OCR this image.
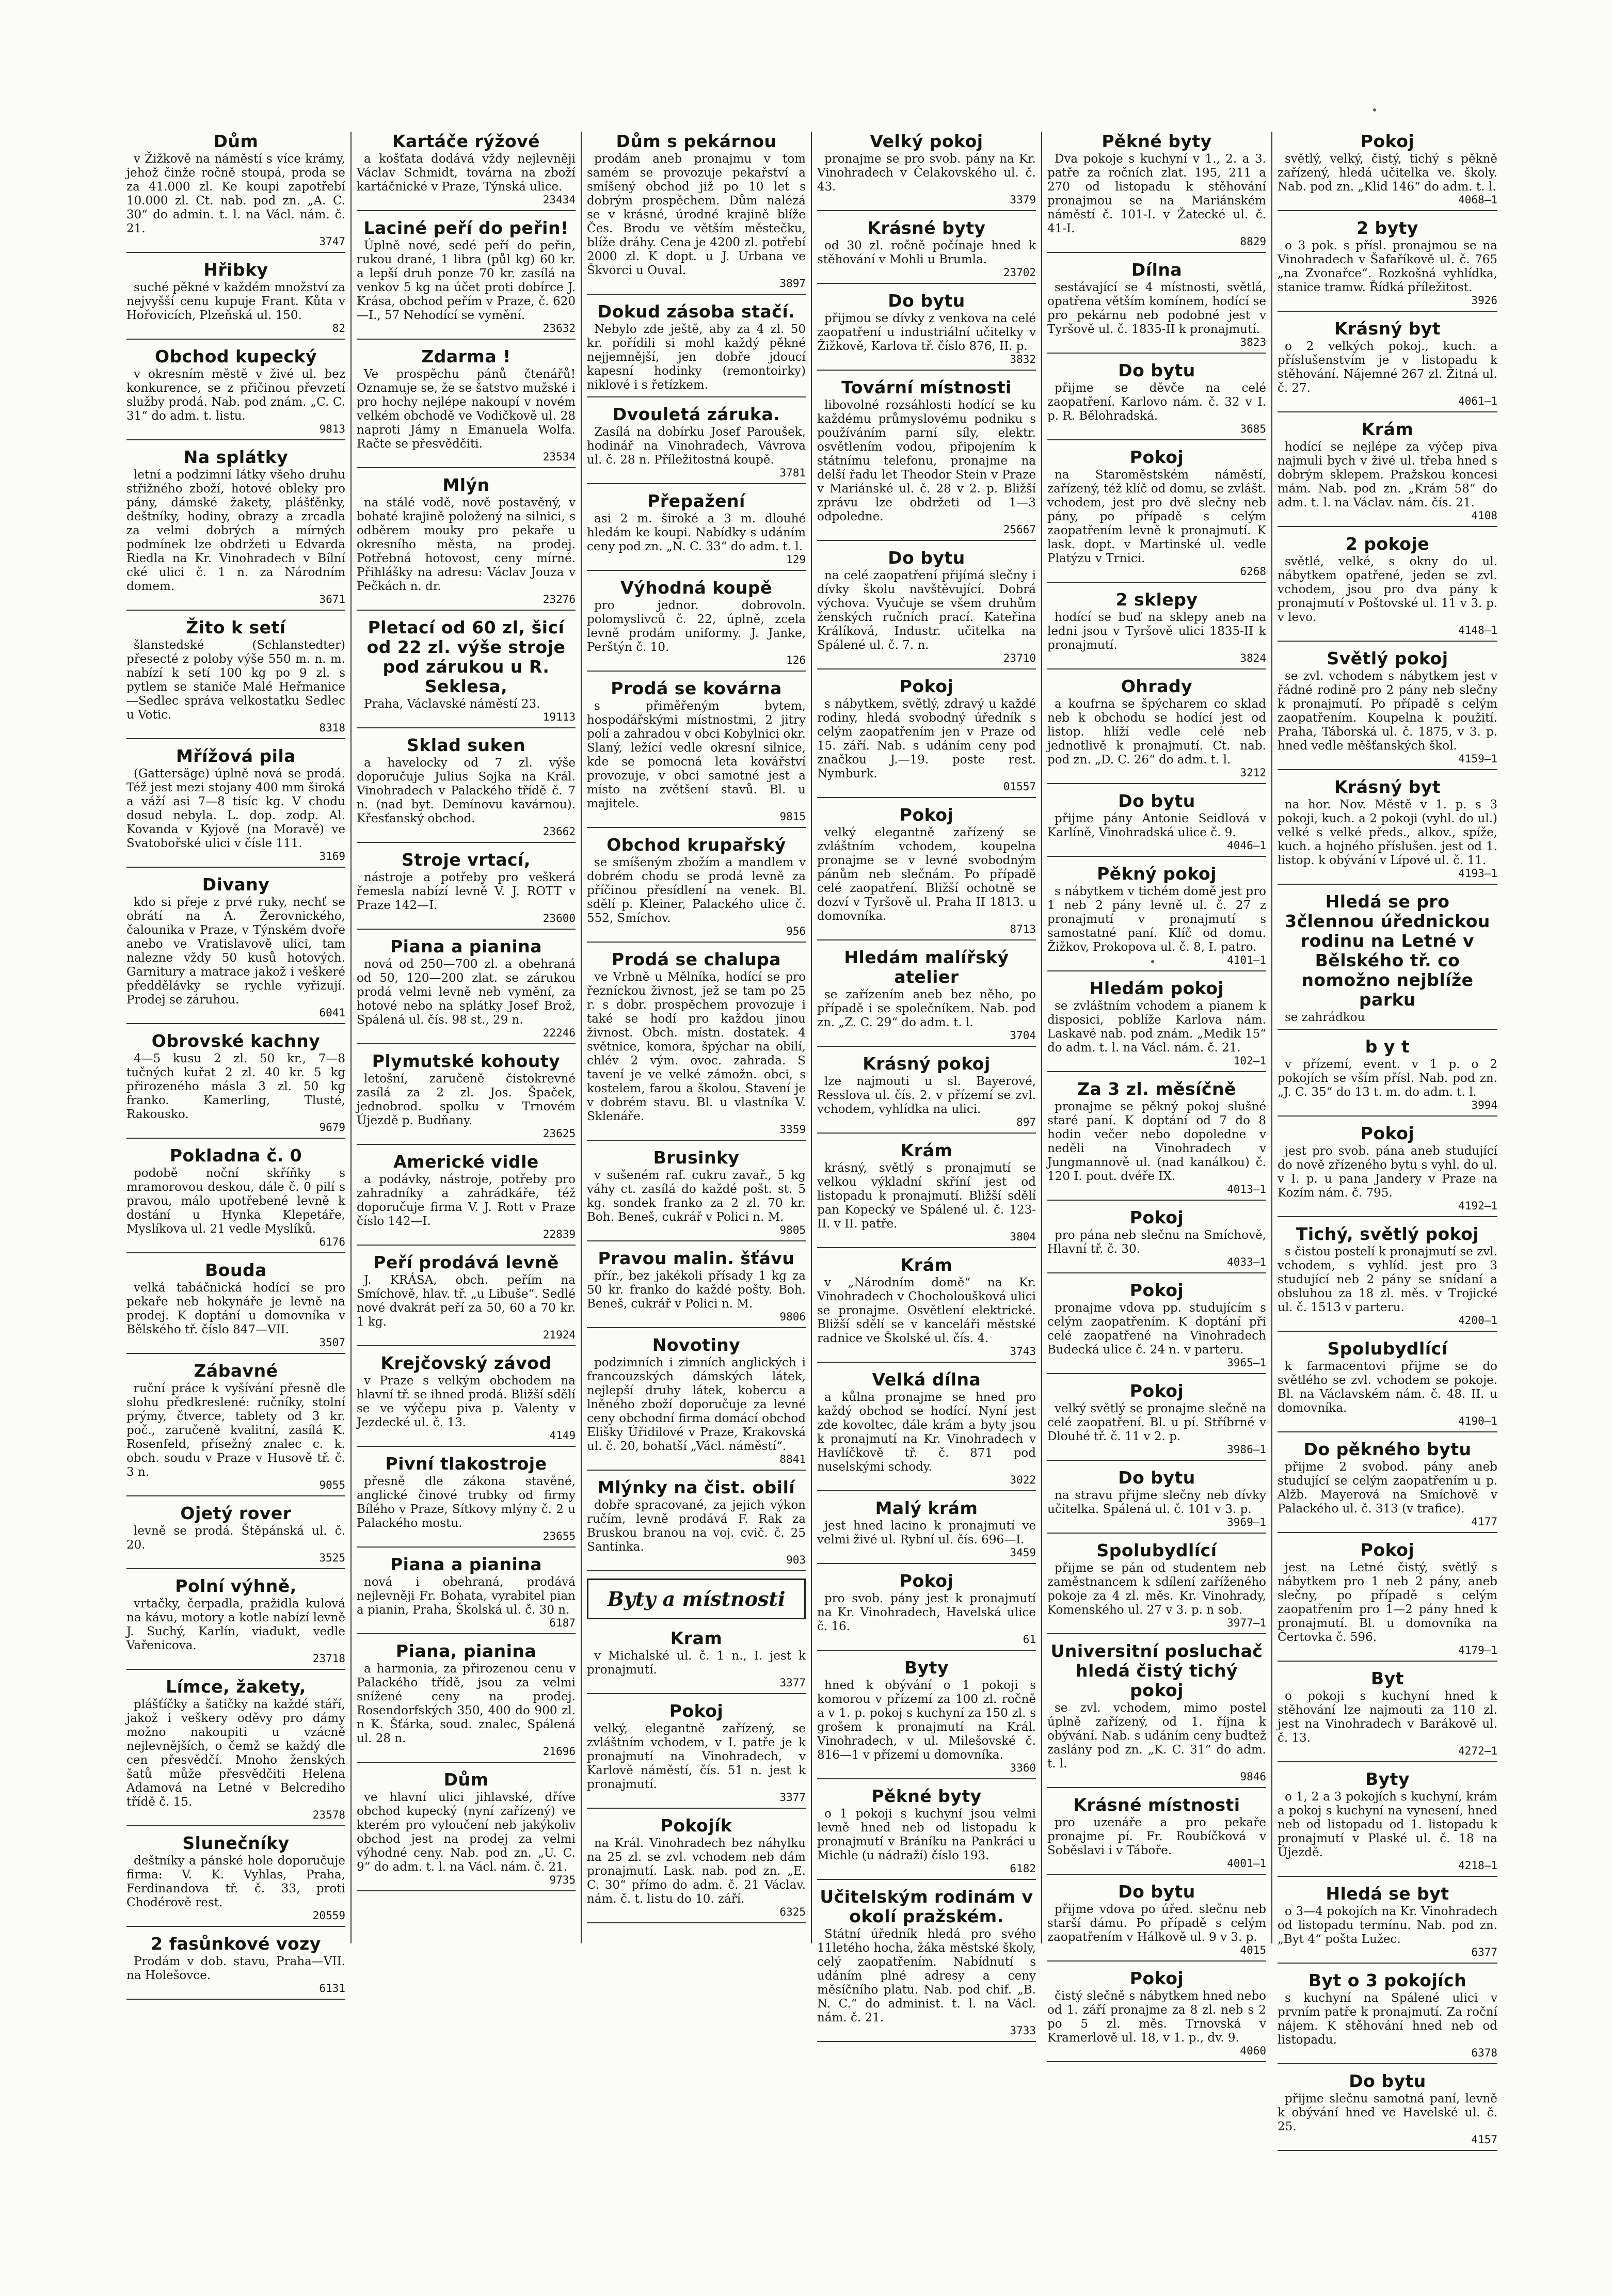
Dům

v Žižkově na náměstí s více krámy, jehož činže ročně stoupá, proda se za 41.000 zl. Ke koupi zapotřebí 10.000 zl. Ct. nab. pod zn. „A. C. 30“ do admin. t. l. na Václ. nám. č. 21.

3747
Hřibky

suché pěkné v každém množství za nejvyšší cenu kupuje Frant. Kůta v Hořovicích, Plzeňská ul. 150.

82
Obchod kupecký

v okresním městě v živé ul. bez konkurence, se z přičinou převzetí služby prodá. Nab. pod znám. „C. C. 31“ do adm. t. listu.

9813
Na splátky

letní a podzimní látky všeho druhu střižného zboží, hotové obleky pro pány, dámské žakety, plášťěnky, deštníky, hodiny, obrazy a zrcadla za velmi dobrých a mírných podmínek lze obdržeti u Edvarda Riedla na Kr. Vinohradech v Bílní cké ulici č. 1 n. za Národním domem.

3671
Žito k setí

šlanstedské (Schlanstedter) přesecté z poloby výše 550 m. n. m. nabízí k setí 100 kg po 9 zl. s pytlem se staniče Malé Heřmanice—Sedlec správa velkostatku Sedlec u Votic.

8318
Mřížová pila

(Gattersäge) úplně nová se prodá. Též jest mezi stojany 400 mm široká a váží asi 7—8 tisíc kg. V chodu dosud nebyla. L. dop. zodp. Al. Kovanda v Kyjově (na Moravě) ve Svatobořské ulici v čísle 111.

3169
Divany

kdo si přeje z prvé ruky, nechť se obrátí na A. Žerovnického, čalounika v Praze, v Týnském dvoře anebo ve Vratislavově ulici, tam nalezne vždy 50 kusů hotových. Garnitury a matrace jakož i veškeré předdělávky se rychle vyřizují. Prodej se záruhou.

6041
Obrovské kachny

4—5 kusu 2 zl. 50 kr., 7—8 tučných kuřat 2 zl. 40 kr. 5 kg přirozeného másla 3 zl. 50 kg franko. Kamerling, Tlusté, Rakousko.

9679
Pokladna č. 0

podobě noční skříňky s mramorovou deskou, dále č. 0 pilí s pravou, málo upotřebené levně k dostání u Hynka Klepetáře, Myslíkova ul. 21 vedle Myslíků.

6176
Bouda

velká tabáčnická hodící se pro pekaře neb hokynáře je levně na prodej. K doptání u domovníka v Bělského tř. číslo 847—VII.

3507
Zábavné

ruční práce k vyšívání přesně dle slohu předkreslené: ručníky, stolní prýmy, čtverce, tablety od 3 kr. poč., zaručeně kvalitní, zasílá K. Rosenfeld, přísežný znalec c. k. obch. soudu v Praze v Husově tř. č. 3 n.

9055
Ojetý rover

levně se prodá. Štěpánská ul. č. 20.

3525
Polní výhně,

vrtačky, čerpadla, pražidla kulová na kávu, motory a kotle nabízí levně J. Suchý, Karlín, viadukt, vedle Vařenicova.

23718
Límce, žakety,

plášťíčky a šatičky na každé stáří, jakož i veškery oděvy pro dámy možno nakoupiti u vzácně nejlevnějších, o čemž se každý dle cen přesvědčí. Mnoho ženských šatů může přesvědčiti Helena Adamová na Letné v Belcrediho třídě č. 15.

23578
Slunečníky

deštníky a pánské hole doporučuje firma: V. K. Vyhlas, Praha, Ferdinandova tř. č. 33, proti Chodérově rest.

20559
2 fasůnkové vozy

Prodám v dob. stavu, Praha—VII. na Holešovce.

6131
Kartáče rýžové

a košťata dodává vždy nejlevněji Václav Schmidt, továrna na zboží kartáčnické v Praze, Týnská ulice.

23434
Laciné peří do peřin!

Úplně nové, sedé peří do peřin, rukou drané, 1 libra (půl kg) 60 kr. a lepší druh ponze 70 kr. zasílá na venkov 5 kg na účet proti dobírce J. Krása, obchod peřím v Praze, č. 620—I., 57 Nehodící se vymění.

23632
Zdarma !

Ve prospěchu pánů čtenářů! Oznamuje se, že se šatstvo mužské i pro hochy nejlépe nakoupí v novém velkém obchodě ve Vodičkově ul. 28 naproti Jámy n Emanuela Wolfa. Račte se přesvědčiti.

23534
Mlýn

na stálé vodě, nově postavěný, v bohaté krajině položený na silnici, s odběrem mouky pro pekaře u okresního města, na prodej. Potřebná hotovost, ceny mírné. Přihlášky na adresu: Václav Jouza v Pečkách n. dr.

23276
Pletací od 60 zl, šicí od 22 zl. výše stroje pod zárukou u R. Seklesa,

Praha, Václavské náměstí 23.

19113
Sklad suken

a havelocky od 7 zl. výše doporučuje Julius Sojka na Král. Vinohradech v Palackého třídě č. 7 n. (nad byt. Demínovu kavárnou). Křesťanský obchod.

23662
Stroje vrtací,

nástroje a potřeby pro veškerá řemesla nabízí levně V. J. ROTT v Praze 142—I.

23600
Piana a pianina

nová od 250—700 zl. a obehraná od 50, 120—200 zlat. se zárukou prodá velmi levně neb vymění, za hotové nebo na splátky Josef Brož, Spálená ul. čís. 98 st., 29 n.

22246
Plymutské kohouty

letošní, zaručeně čistokrevné zasílá za 2 zl. Jos. Špaček, jednobrod. spolku v Trnovém Újezdě p. Budňany.

23625
Americké vidle

a podávky, nástroje, potřeby pro zahradníky a zahrádkáře, též doporučuje firma V. J. Rott v Praze číslo 142—I.

22839
Peří prodává levně

J. KRÁSA, obch. peřím na Smíchově, hlav. tř. „u Libuše“. Sedlé nové dvakrát peří za 50, 60 a 70 kr. 1 kg.

21924
Krejčovský závod

v Praze s velkým obchodem na hlavní tř. se ihned prodá. Bližší sdělí se ve výčepu piva p. Valenty v Jezdecké ul. č. 13.

4149
Pivní tlakostroje

přesně dle zákona stavěné, anglické činové trubky od firmy Bílého v Praze, Sítkovy mlýny č. 2 u Palackého mostu.

23655
Piana a pianina

nová i obehraná, prodává nejlevněji Fr. Bohata, vyrabitel pian a pianin, Praha, Školská ul. č. 30 n.

6187
Piana, pianina

a harmonia, za přirozenou cenu v Palackého třídě, jsou za velmi snížené ceny na prodej. Rosendorfských 350, 400 do 900 zl. n K. Šťárka, soud. znalec, Spálená ul. 28 n.

21696
Dům

ve hlavní ulici jihlavské, dříve obchod kupecký (nyní zařízený) ve kterém pro vyloučení neb jakýkoliv obchod jest na prodej za velmi výhodné ceny. Nab. pod zn. „U. C. 9“ do adm. t. l. na Václ. nám. č. 21.

9735
Dům s pekárnou

prodám aneb pronajmu v tom samém se provozuje pekařství a smíšený obchod již po 10 let s dobrým prospěchem. Dům nalézá se v krásné, úrodné krajině blíže Čes. Brodu ve větším městečku, blíže dráhy. Cena je 4200 zl. potřebí 2000 zl. K dopt. u J. Urbana ve Škvorci u Ouval.

3897
Dokud zásoba stačí.

Nebylo zde ještě, aby za 4 zl. 50 kr. pořídili si mohl každý pěkné nejjemnější, jen dobře jdoucí kapesní hodinky (remontoirky) niklové i s řetízkem.

Dvouletá záruka.

Zasílá na dobírku Josef Paroušek, hodinář na Vinohradech, Vávrova ul. č. 28 n. Příležitostná koupě.

3781
Přepažení

asi 2 m. široké a 3 m. dlouhé hledám ke koupi. Nabídky s udáním ceny pod zn. „N. C. 33“ do adm. t. l.

129
Výhodná koupě

pro jednor. dobrovoln. polomyslivců č. 22, úplně, zcela levně prodám uniformy. J. Janke, Perštýn č. 10.

126
Prodá se kovárna

s přiměřeným bytem, hospodářskými místnostmi, 2 jitry polí a zahradou v obci Kobylnici okr. Slaný, ležící vedle okresní silnice, kde se pomocná leta kovářství provozuje, v obci samotné jest a místo na zvětšení stavů. Bl. u majitele.

9815
Obchod krupařský

se smíšeným zbožím a mandlem v dobrém chodu se prodá levně za příčinou přesídlení na venek. Bl. sdělí p. Kleiner, Palackého ulice č. 552, Smíchov.

956
Prodá se chalupa

ve Vrbně u Mělníka, hodící se pro řezníckou živnost, jež se tam po 25 r. s dobr. prospěchem provozuje i také se hodí pro každou jinou živnost. Obch. místn. dostatek. 4 světnice, komora, špýchar na obilí, chlév 2 vým. ovoc. zahrada. S tavení je ve velké zámožn. obci, s kostelem, farou a školou. Stavení je v dobrém stavu. Bl. u vlastníka V. Sklenáře.

3359
Brusinky

v sušeném raf. cukru zavař., 5 kg váhy ct. zasílá do každé pošt. st. 5 kg. sondek franko za 2 zl. 70 kr. Boh. Beneš, cukrář v Polici n. M.

9805
Pravou malin. šťávu

přír., bez jakékoli přísady 1 kg za 50 kr. franko do každé pošty. Boh. Beneš, cukrář v Polici n. M.

9806
Novotiny

podzimních i zimních anglických i francouzských dámských látek, nejlepší druhy látek, kobercu a lněného zboží doporučuje za levné ceny obchodní firma domácí obchod Elišky Úřidilové v Praze, Krakovská ul. č. 20, bohatší „Václ. náměstí“.

8841
Mlýnky na čist. obilí

dobře spracované, za jejich výkon ručím, levně prodává F. Rak za Bruskou branou na voj. cvič. č. 25 Santinka.

903
Byty a místnosti
Kram

v Michalské ul. č. 1 n., I. jest k pronajmutí.

3377
Pokoj

velký, elegantně zařízený, se zvláštním vchodem, v I. patře je k pronajmutí na Vinohradech, v Karlově náměstí, čís. 51 n. jest k pronajmutí.

3377
Pokojík

na Král. Vinohradech bez náhylku na 25 zl. se zvl. vchodem neb dám pronajmutí. Lask. nab. pod zn. „E. C. 30“ přímo do adm. č. 21 Václav. nám. č. t. listu do 10. září.

6325
Velký pokoj

pronajme se pro svob. pány na Kr. Vinohradech v Čelakovského ul. č. 43.

3379
Krásné byty

od 30 zl. ročně počínaje hned k stěhování v Mohli u Brumla.

23702
Do bytu

přijmou se dívky z venkova na celé zaopatření u industriální učitelky v Žižkově, Karlova tř. číslo 876, II. p.

3832
Tovární místnosti

libovolné rozsáhlosti hodící se ku každému průmyslovému podniku s používáním parní síly, elektr. osvětlením vodou, připojením k státnímu telefonu, pronajme na delší řadu let Theodor Stein v Praze v Mariánské ul. č. 28 v 2. p. Bližší zprávu lze obdržeti od 1—3 odpoledne.

25667
Do bytu

na celé zaopatření přijímá slečny i dívky školu navštěvující. Dobrá výchova. Vyučuje se všem druhům ženských ručních prací. Kateřina Králíková, Industr. učitelka na Spálené ul. č. 7. n.

23710
Pokoj

s nábytkem, světlý, zdravý u každé rodiny, hledá svobodný úředník s celým zaopatřením jen v Praze od 15. září. Nab. s udáním ceny pod značkou J.—19. poste rest. Nymburk.

01557
Pokoj

velký elegantně zařízený se zvláštním vchodem, koupelna pronajme se v levné svobodným pánům neb slečnám. Po případě celé zaopatření. Bližší ochotně se dozví v Tyršově ul. Praha II 1813. u domovníka.

8713
Hledám malířský atelier

se zařízením aneb bez něho, po případě i se společníkem. Nab. pod zn. „Z. C. 29“ do adm. t. l.

3704
Krásný pokoj

lze najmouti u sl. Bayerové, Resslova ul. čís. 2. v přízemí se zvl. vchodem, vyhlídka na ulici.

897
Krám

krásný, světlý s pronajmutí se velkou výkladní skříní jest od listopadu k pronajmutí. Bližší sdělí pan Kopecký ve Spálené ul. č. 123-II. v II. patře.

3804
Krám

v „Národním domě“ na Kr. Vinohradech v Chocholoušková ulici se pronajme. Osvětlení elektrické. Bližší sdělí se v kanceláři městské radnice ve Školské ul. čís. 4.

3743
Velká dílna

a kůlna pronajme se hned pro každý obchod se hodící. Nyní jest zde kovoltec, dále krám a byty jsou k pronajmutí na Kr. Vinohradech v Havlíčkově tř. č. 871 pod nuselskými schody.

3022
Malý krám

jest hned lacino k pronajmutí ve velmi živé ul. Rybní ul. čís. 696—I.

3459
Pokoj

pro svob. pány jest k pronajmutí na Kr. Vinohradech, Havelská ulice č. 16.

61
Byty

hned k obývání o 1 pokoji s komorou v přízemí za 100 zl. ročně a v 1. p. pokoj s kuchyní za 150 zl. s grošem k pronajmutí na Král. Vinohradech, v ul. Milešovské č. 816—1 v přízemí u domovníka.

3360
Pěkné byty

o 1 pokoji s kuchyní jsou velmi levně hned neb od listopadu k pronajmutí v Bráníku na Pankráci u Michle (u nádraží) číslo 193.

6182
Učitelským rodinám v okolí pražském.

Státní úředník hledá pro svého 11letého hocha, žáka městské školy, celý zaopatřením. Nabídnutí s udáním plné adresy a ceny měsíčního platu. Nab. pod chif. „B. N. C.“ do administ. t. l. na Václ. nám. č. 21.

3733
Pěkné byty

Dva pokoje s kuchyní v 1., 2. a 3. patře za ročních zlat. 195, 211 a 270 od listopadu k stěhování pronajmou se na Mariánském náměstí č. 101-I. v Žatecké ul. č. 41-I.

8829
Dílna

sestávající se 4 místnosti, světlá, opatřena větším komínem, hodící se pro pekárnu neb podobné jest v Tyršově ul. č. 1835-II k pronajmutí.

3823
Do bytu

přijme se děvče na celé zaopatření. Karlovo nám. č. 32 v I. p. R. Bělohradská.

3685
Pokoj

na Staroměstském náměstí, zařízený, též klíč od domu, se zvlášt. vchodem, jest pro dvě slečny neb pány, po případě s celým zaopatřením levně k pronajmutí. K lask. dopt. v Martinské ul. vedle Platýzu v Trnici.

6268
2 sklepy

hodící se buď na sklepy aneb na ledni jsou v Tyršově ulici 1835-II k pronajmutí.

3824
Ohrady

a koufrna se špýcharem co sklad neb k obchodu se hodící jest od listop. hlíží vedle celé neb jednotlivě k pronajmutí. Ct. nab. pod zn. „D. C. 26“ do adm. t. l.

3212
Do bytu

přijme pány Antonie Seidlová v Karlíně, Vinohradská ulice č. 9.

4046—1
Pěkný pokoj

s nábytkem v tichém domě jest pro 1 neb 2 pány levně ul. č. 27 z pronajmutí v pronajmutí s samostatné paní. Klíč od domu. Žižkov, Prokopova ul. č. 8, I. patro.

4101—1
Hledám pokoj

se zvláštním vchodem a pianem k disposici, poblíže Karlova nám. Laskavé nab. pod znám. „Medik 15“ do adm. t. l. na Václ. nám. č. 21.

102—1
Za 3 zl. měsíčně

pronajme se pěkný pokoj slušné staré paní. K doptání od 7 do 8 hodin večer nebo dopoledne v neděli na Vinohradech v Jungmannově ul. (nad kanálkou) č. 120 I. pout. dvéře IX.

4013—1
Pokoj

pro pána neb slečnu na Smíchově, Hlavní tř. č. 30.

4033—1
Pokoj

pronajme vdova pp. studujícím s celým zaopatřením. K doptání při celé zaopatřené na Vinohradech Budecká ulice č. 24 n. v parteru.

3965—1
Pokoj

velký světlý se pronajme slečně na celé zaopatření. Bl. u pí. Stříbrné v Dlouhé tř. č. 11 v 2. p.

3986—1
Do bytu

na stravu přijme slečny neb dívky učitelka. Spálená ul. č. 101 v 3. p.

3969—1
Spolubydlící

přijme se pán od studentem neb zaměstnancem k sdílení zaříženého pokoje za 4 zl. měs. Kr. Vinohrady, Komenského ul. 27 v 3. p. n sob.

3977—1
Universitní posluchač hledá čistý tichý pokoj

se zvl. vchodem, mimo postel úplně zařízený, od 1. října k obývání. Nab. s udáním ceny budtež zaslány pod zn. „K. C. 31“ do adm. t. l.

9846
Krásné místnosti

pro uzenáře a pro pekaře pronajme pí. Fr. Roubíčková v Soběslavi i v Táboře.

4001—1
Do bytu

přijme vdova po úřed. slečnu neb starší dámu. Po případě s celým zaopatřením v Hálkově ul. 9 v 3. p.

4015
Pokoj

čistý slečně s nábytkem hned nebo od 1. září pronajme za 8 zl. neb s 2 po 5 zl. měs. Trnovská v Kramerlově ul. 18, v 1. p., dv. 9.

4060
Pokoj

světlý, velký, čistý, tichý s pěkně zařízený, hledá učitelka ve. školy. Nab. pod zn. „Klid 146“ do adm. t. l.

4068—1
2 byty

o 3 pok. s přísl. pronajmou se na Vinohradech v Šafaříkově ul. č. 765 „na Zvonařce“. Rozkošná vyhlídka, stanice tramw. Řídká příležitost.

3926
Krásný byt

o 2 velkých pokoj., kuch. a příslušenstvím je v listopadu k stěhování. Nájemné 267 zl. Žitná ul. č. 27.

4061—1
Krám

hodící se nejlépe za výčep piva najmuli bych v živé ul. třeba hned s dobrým sklepem. Pražskou koncesi mám. Nab. pod zn. „Krám 58“ do adm. t. l. na Václav. nám. čís. 21.

4108
2 pokoje

světlé, velké, s okny do ul. nábytkem opatřené, jeden se zvl. vchodem, jsou pro dva pány k pronajmutí v Poštovské ul. 11 v 3. p. v levo.

4148—1
Světlý pokoj

se zvl. vchodem s nábytkem jest v řádné rodině pro 2 pány neb slečny k pronajmutí. Po případě s celým zaopatřením. Koupelna k použití. Praha, Táborská ul. č. 1875, v 3. p. hned vedle měšťanských škol.

4159—1
Krásný byt

na hor. Nov. Městě v 1. p. s 3 pokoji, kuch. a 2 pokoji (vyhl. do ul.) velké s velké předs., alkov., spíže, kuch. a hojného příslušen. jest od 1. listop. k obývání v Lípové ul. č. 11.

4193—1
Hledá se pro 3člennou úřednickou rodinu na Letné v Bělského tř. co nomožno nejblíže parku

se zahrádkou

b y t

v přízemí, event. v 1 p. o 2 pokojích se vším přísl. Nab. pod zn. „J. C. 35“ do 13 t. m. do adm. t. l.

3994
Pokoj

jest pro svob. pána aneb studující do nově zřízeného bytu s vyhl. do ul. v I. p. u pana Jandery v Praze na Kozím nám. č. 795.

4192—1
Tichý, světlý pokoj

s čistou postelí k pronajmutí se zvl. vchodem, s vyhlíd. jest pro 3 studující neb 2 pány se snídaní a obsluhou za 18 zl. měs. v Trojické ul. č. 1513 v parteru.

4200—1
Spolubydlící

k farmacentovi přijme se do světlého se zvl. vchodem se pokoje. Bl. na Václavském nám. č. 48. II. u domovníka.

4190—1
Do pěkného bytu

přijme 2 svobod. pány aneb studující se celým zaopatřením u p. Alžb. Mayerová na Smíchově v Palackého ul. č. 313 (v trafice).

4177
Pokoj

jest na Letné čistý, světlý s nábytkem pro 1 neb 2 pány, aneb slečny, po případě s celým zaopatřením pro 1—2 pány hned k pronajmutí. Bl. u domovníka na Čertovka č. 596.

4179—1
Byt

o pokoji s kuchyní hned k stěhování lze najmouti za 110 zl. jest na Vinohradech v Barákově ul. č. 13.

4272—1
Byty

o 1, 2 a 3 pokojích s kuchyní, krám a pokoj s kuchyní na vynesení, hned neb od listopadu od 1. listopadu k pronajmutí v Plaské ul. č. 18 na Újezdě.

4218—1
Hledá se byt

o 3—4 pokojích na Kr. Vinohradech od listopadu termínu. Nab. pod zn. „Byt 4“ pošta Lužec.

6377
Byt o 3 pokojích

s kuchyní na Spálené ulici v prvním patře k pronajmutí. Za roční nájem. K stěhování hned neb od listopadu.

6378
Do bytu

přijme slečnu samotná paní, levně k obývání hned ve Havelské ul. č. 25.

4157
